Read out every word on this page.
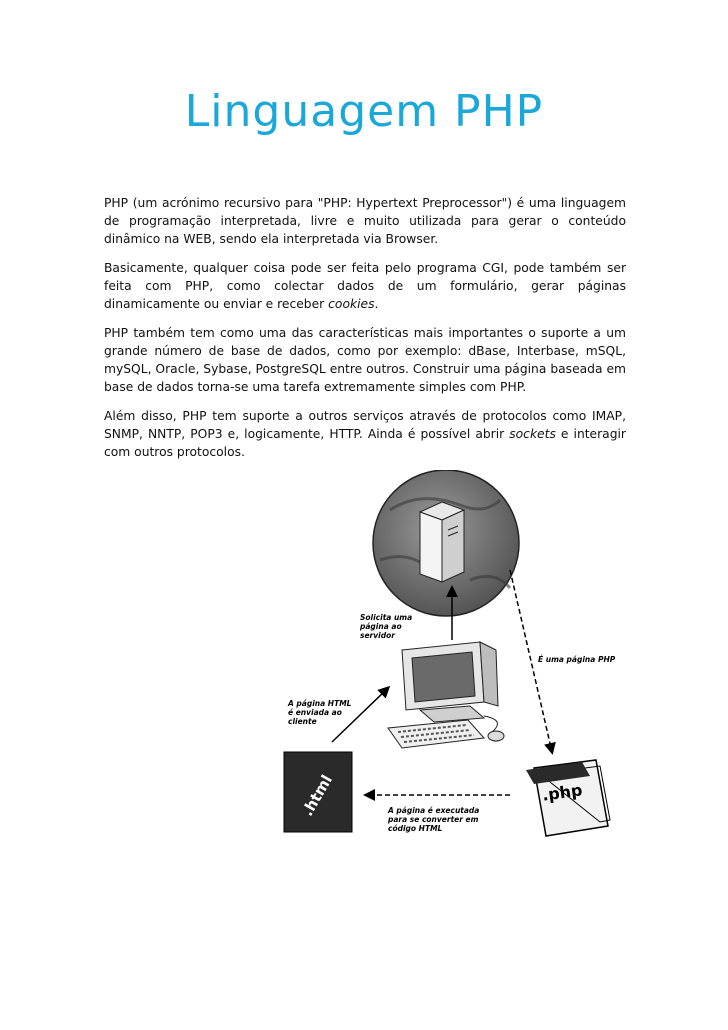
Linguagem PHP

PHP (um acrónimo recursivo para "PHP: Hypertext Preprocessor") é uma linguagem de programação interpretada, livre e muito utilizada para gerar o conteúdo dinâmico na WEB, sendo ela interpretada via Browser.

Basicamente, qualquer coisa pode ser feita pelo programa CGI, pode também ser feita com PHP, como colectar dados de um formulário, gerar páginas dinamicamente ou enviar e receber cookies.

PHP também tem como uma das características mais importantes o suporte a um grande número de base de dados, como por exemplo: dBase, Interbase, mSQL, mySQL, Oracle, Sybase, PostgreSQL entre outros. Construir uma página baseada em base de dados torna-se uma tarefa extremamente simples com PHP.

Além disso, PHP tem suporte a outros serviços através de protocolos como IMAP, SNMP, NNTP, POP3 e, logicamente, HTTP. Ainda é possível abrir sockets e interagir com outros protocolos.

.html	.php
Solicita uma página ao servidor
É uma página PHP
A página HTML é enviada ao cliente
A página é executada para se converter em código HTML
